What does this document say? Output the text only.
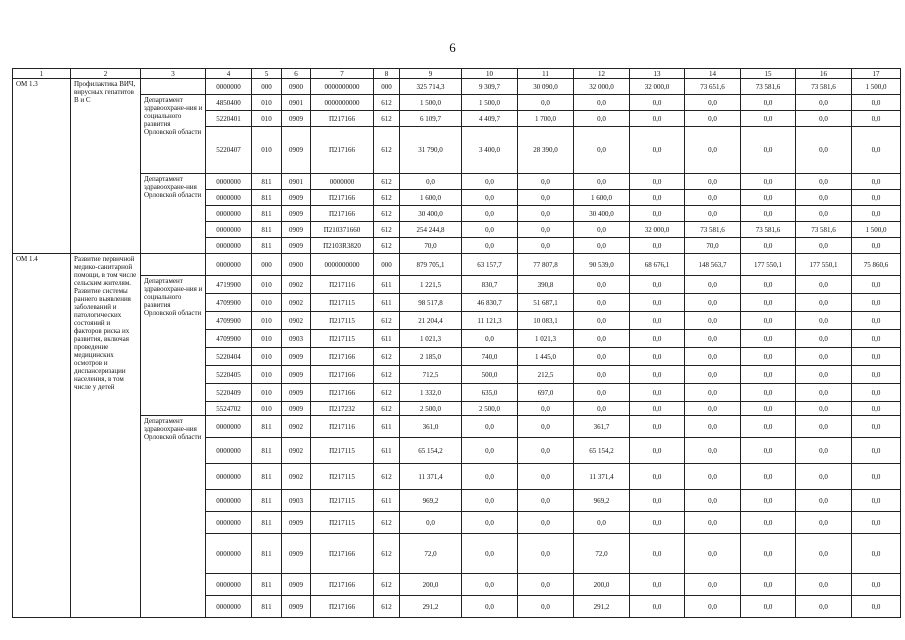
6
1	2	3	4	5	6	7	8	9	10	11	12	13	14	15	16	17
ОМ 1.3	Профилактика ВИЧ, вирусных гепатитов В и С		0000000	000	0900	0000000000	000	325 714,3	9 309,7	30 090,0	32 000,0	32 000,0	73 651,6	73 581,6	73 581,6	1 500,0
		Департамент здравоохране-ния и социального развития Орловской области	4850400	010	0901	0000000000	612	1 500,0	1 500,0	0,0	0,0	0,0	0,0	0,0	0,0	0,0
			5220401	010	0909	П217166	612	6 109,7	4 409,7	1 700,0	0,0	0,0	0,0	0,0	0,0	0,0
			5220407	010	0909	П217166	612	31 790,0	3 400,0	28 390,0	0,0	0,0	0,0	0,0	0,0	0,0
		Департамент здравоохране-ния Орловской области	0000000	811	0901	0000000	612	0,0	0,0	0,0	0,0	0,0	0,0	0,0	0,0	0,0
			0000000	811	0909	П217166	612	1 600,0	0,0	0,0	1 600,0	0,0	0,0	0,0	0,0	0,0
			0000000	811	0909	П217166	612	30 400,0	0,0	0,0	30 400,0	0,0	0,0	0,0	0,0	0,0
			0000000	811	0909	П210371660	612	254 244,8	0,0	0,0	0,0	32 000,0	73 581,6	73 581,6	73 581,6	1 500,0
			0000000	811	0909	П2103R3820	612	70,0	0,0	0,0	0,0	0,0	70,0	0,0	0,0	0,0
ОМ 1.4	Развитие первичной медико-санитарной помощи, в том числе сельским жителям. Развитие системы раннего выявления заболеваний и патологических состояний и факторов риска их развития, включая проведение медицинских осмотров и диспансеризации населения, в том числе у детей		0000000	000	0900	0000000000	000	879 705,1	63 157,7	77 807,8	90 539,0	68 676,1	148 563,7	177 550,1	177 550,1	75 860,6
		Департамент здравоохране-ния и социального развития Орловской области	4719900	010	0902	П217116	611	1 221,5	830,7	390,8	0,0	0,0	0,0	0,0	0,0	0,0
			4709900	010	0902	П217115	611	98 517,8	46 830,7	51 687,1	0,0	0,0	0,0	0,0	0,0	0,0
			4709900	010	0902	П217115	612	21 204,4	11 121,3	10 083,1	0,0	0,0	0,0	0,0	0,0	0,0
			4709900	010	0903	П217115	611	1 021,3	0,0	1 021,3	0,0	0,0	0,0	0,0	0,0	0,0
			5220404	010	0909	П217166	612	2 185,0	740,0	1 445,0	0,0	0,0	0,0	0,0	0,0	0,0
			5220405	010	0909	П217166	612	712,5	500,0	212,5	0,0	0,0	0,0	0,0	0,0	0,0
			5220409	010	0909	П217166	612	1 332,0	635,0	697,0	0,0	0,0	0,0	0,0	0,0	0,0
			5524702	010	0909	П217232	612	2 500,0	2 500,0	0,0	0,0	0,0	0,0	0,0	0,0	0,0
		Департамент здравоохране-ния Орловской области	0000000	811	0902	П217116	611	361,0	0,0	0,0	361,7	0,0	0,0	0,0	0,0	0,0
			0000000	811	0902	П217115	611	65 154,2	0,0	0,0	65 154,2	0,0	0,0	0,0	0,0	0,0
			0000000	811	0902	П217115	612	11 371,4	0,0	0,0	11 371,4	0,0	0,0	0,0	0,0	0,0
			0000000	811	0903	П217115	611	969,2	0,0	0,0	969,2	0,0	0,0	0,0	0,0	0,0
			0000000	811	0909	П217115	612	0,0	0,0	0,0	0,0	0,0	0,0	0,0	0,0	0,0
			0000000	811	0909	П217166	612	72,0	0,0	0,0	72,0	0,0	0,0	0,0	0,0	0,0
			0000000	811	0909	П217166	612	200,0	0,0	0,0	200,0	0,0	0,0	0,0	0,0	0,0
			0000000	811	0909	П217166	612	291,2	0,0	0,0	291,2	0,0	0,0	0,0	0,0	0,0
